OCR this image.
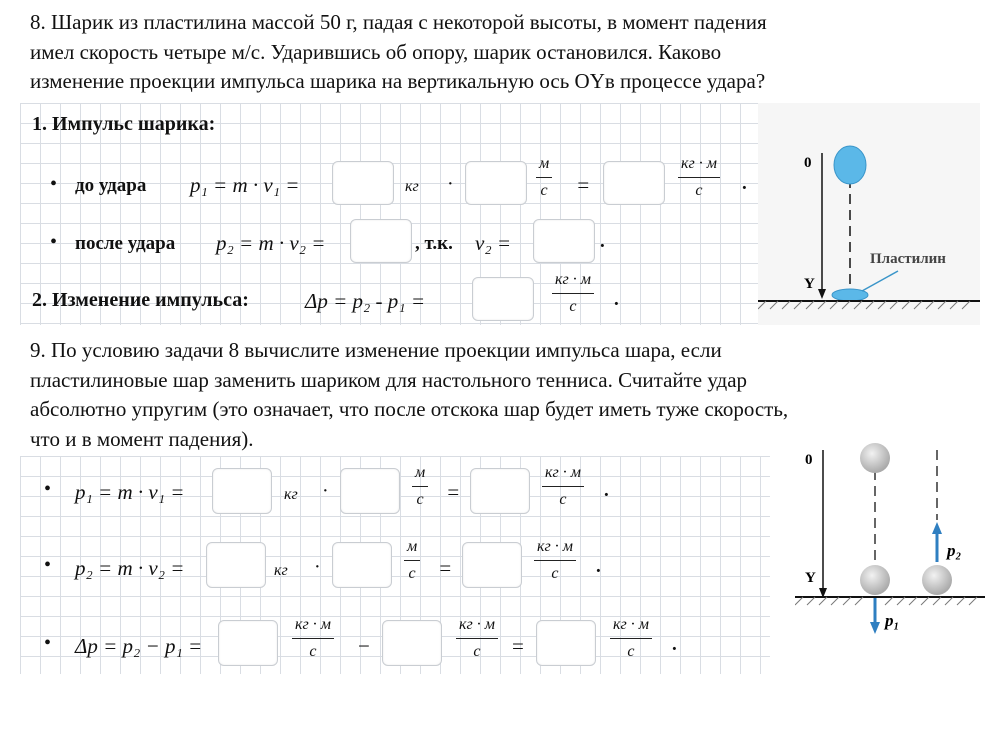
8. Шарик из пластилина массой 50 г, падая с некоторой высоты, в момент падения
имел скорость четыре м/с. Ударившись об опору, шарик остановился. Каково
изменение проекции импульса шарика на вертикальную ось OYв процессе удара?

1. Импульс шарика:
• до удара p₁ = m · v₁ =	кг ·
м
с =
кг · м
с .
• после удара p₂ = m · v₂ =	, т.к. v₂ =	.
2. Изменение импульса:	Δp = p₂ - p₁ =
кг · м
с .
0
Y
Пластилин

9. По условию задачи 8 вычислите изменение проекции импульса шара, если
пластилиновые шар заменить шариком для настольного тенниса. Считайте удар
абсолютно упругим (это означает, что после отскока шар будет иметь туже скорость,
что и в момент падения).

• p₁ = m · v₁ =	кг ·
м
с =
кг · м
с .
• p₂ = m · v₂ =	кг ·
м
с =
кг · м
с .
• Δp = p₂ − p₁ =
кг · м
с −
кг · м
с =
кг · м
с .
0
Y
p₂
p₁
